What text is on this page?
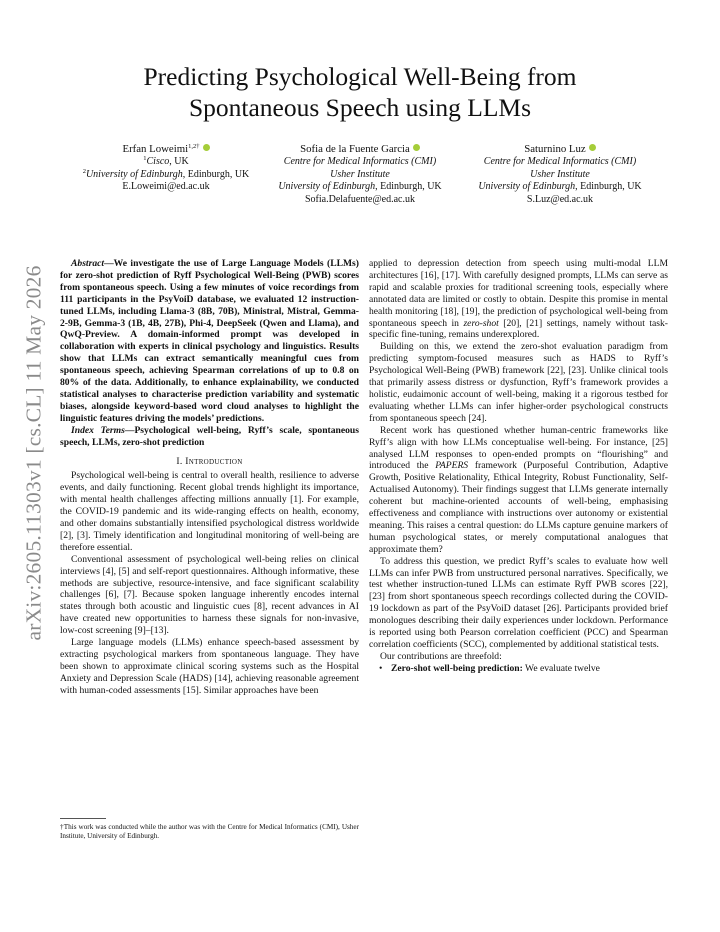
arXiv:2605.11303v1 [cs.CL] 11 May 2026
Predicting Psychological Well-Being from
Spontaneous Speech using LLMs
Erfan Loweimi$^{1,2\dagger}$
$^1$Cisco, UK
$^2$University of Edinburgh, Edinburgh, UK
E.Loweimi@ed.ac.uk
Sofia de la Fuente Garcia
Centre for Medical Informatics (CMI)
Usher Institute
University of Edinburgh, Edinburgh, UK
Sofia.Delafuente@ed.ac.uk
Saturnino Luz
Centre for Medical Informatics (CMI)
Usher Institute
University of Edinburgh, Edinburgh, UK
S.Luz@ed.ac.uk

Abstract—We investigate the use of Large Language Models (LLMs) for zero-shot prediction of Ryff Psychological Well-Being (PWB) scores from spontaneous speech. Using a few minutes of voice recordings from 111 participants in the PsyVoiD database, we evaluated 12 instruction-tuned LLMs, including Llama-3 (8B, 70B), Ministral, Mistral, Gemma-2-9B, Gemma-3 (1B, 4B, 27B), Phi-4, DeepSeek (Qwen and Llama), and QwQ-Preview. A domain-informed prompt was developed in collaboration with experts in clinical psychology and linguistics. Results show that LLMs can extract semantically meaningful cues from spontaneous speech, achieving Spearman correlations of up to 0.8 on 80% of the data. Additionally, to enhance explainability, we conducted statistical analyses to characterise prediction variability and systematic biases, alongside keyword-based word cloud analyses to highlight the linguistic features driving the models’ predictions.

Index Terms—Psychological well-being, Ryff’s scale, spontaneous speech, LLMs, zero-shot prediction

I. Introduction

Psychological well-being is central to overall health, resilience to adverse events, and daily functioning. Recent global trends highlight its importance, with mental health challenges affecting millions annually [1]. For example, the COVID-19 pandemic and its wide-ranging effects on health, economy, and other domains substantially intensified psychological distress worldwide [2], [3]. Timely identification and longitudinal monitoring of well-being are therefore essential.

Conventional assessment of psychological well-being relies on clinical interviews [4], [5] and self-report questionnaires. Although informative, these methods are subjective, resource-intensive, and face significant scalability challenges [6], [7]. Because spoken language inherently encodes internal states through both acoustic and linguistic cues [8], recent advances in AI have created new opportunities to harness these signals for non-invasive, low-cost screening [9]–[13].

Large language models (LLMs) enhance speech-based assessment by extracting psychological markers from spontaneous language. They have been shown to approximate clinical scoring systems such as the Hospital Anxiety and Depression Scale (HADS) [14], achieving reasonable agreement with human-coded assessments [15]. Similar approaches have been

†This work was conducted while the author was with the Centre for Medical Informatics (CMI), Usher Institute, University of Edinburgh.

applied to depression detection from speech using multi-modal LLM architectures [16], [17]. With carefully designed prompts, LLMs can serve as rapid and scalable proxies for traditional screening tools, especially where annotated data are limited or costly to obtain. Despite this promise in mental health monitoring [18], [19], the prediction of psychological well-being from spontaneous speech in zero-shot [20], [21] settings, namely without task-specific fine-tuning, remains underexplored.

Building on this, we extend the zero-shot evaluation paradigm from predicting symptom-focused measures such as HADS to Ryff’s Psychological Well-Being (PWB) framework [22], [23]. Unlike clinical tools that primarily assess distress or dysfunction, Ryff’s framework provides a holistic, eudaimonic account of well-being, making it a rigorous testbed for evaluating whether LLMs can infer higher-order psychological constructs from spontaneous speech [24].

Recent work has questioned whether human-centric frameworks like Ryff’s align with how LLMs conceptualise well-being. For instance, [25] analysed LLM responses to open-ended prompts on “flourishing” and introduced the PAPERS framework (Purposeful Contribution, Adaptive Growth, Positive Relationality, Ethical Integrity, Robust Functionality, Self-Actualised Autonomy). Their findings suggest that LLMs generate internally coherent but machine-oriented accounts of well-being, emphasising effectiveness and compliance with instructions over autonomy or existential meaning. This raises a central question: do LLMs capture genuine markers of human psychological states, or merely computational analogues that approximate them?

To address this question, we predict Ryff’s scales to evaluate how well LLMs can infer PWB from unstructured personal narratives. Specifically, we test whether instruction-tuned LLMs can estimate Ryff PWB scores [22], [23] from short spontaneous speech recordings collected during the COVID-19 lockdown as part of the PsyVoiD dataset [26]. Participants provided brief monologues describing their daily experiences under lockdown. Performance is reported using both Pearson correlation coefficient (PCC) and Spearman correlation coefficients (SCC), complemented by additional statistical tests.

Our contributions are threefold:

• Zero-shot well-being prediction: We evaluate twelve
